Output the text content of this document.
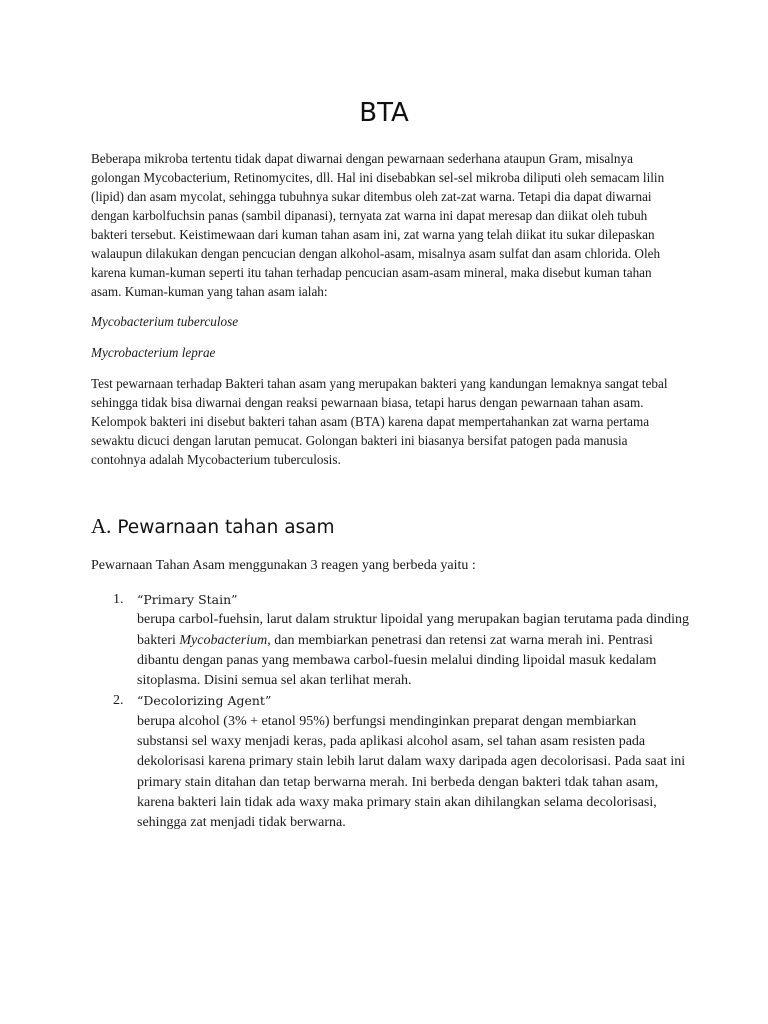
BTA

Beberapa mikroba tertentu tidak dapat diwarnai dengan pewarnaan sederhana ataupun Gram, misalnya golongan Mycobacterium, Retinomycites, dll. Hal ini disebabkan sel-sel mikroba diliputi oleh semacam lilin (lipid) dan asam mycolat, sehingga tubuhnya sukar ditembus oleh zat-zat warna. Tetapi dia dapat diwarnai dengan karbolfuchsin panas (sambil dipanasi), ternyata zat warna ini dapat meresap dan diikat oleh tubuh bakteri tersebut. Keistimewaan dari kuman tahan asam ini, zat warna yang telah diikat itu sukar dilepaskan walaupun dilakukan dengan pencucian dengan alkohol-asam, misalnya asam sulfat dan asam chlorida. Oleh karena kuman-kuman seperti itu tahan terhadap pencucian asam-asam mineral, maka disebut kuman tahan asam. Kuman-kuman yang tahan asam ialah:

Mycobacterium tuberculose

Mycrobacterium leprae

Test pewarnaan terhadap Bakteri tahan asam yang merupakan bakteri yang kandungan lemaknya sangat tebal sehingga tidak bisa diwarnai dengan reaksi pewarnaan biasa, tetapi harus dengan pewarnaan tahan asam. Kelompok bakteri ini disebut bakteri tahan asam (BTA) karena dapat mempertahankan zat warna pertama sewaktu dicuci dengan larutan pemucat. Golongan bakteri ini biasanya bersifat patogen pada manusia contohnya adalah Mycobacterium tuberculosis.

A. Pewarnaan tahan asam
Pewarnaan Tahan Asam menggunakan 3 reagen yang berbeda yaitu :
1. “Primary Stain”
berupa carbol-fuehsin, larut dalam struktur lipoidal yang merupakan bagian terutama pada dinding bakteri Mycobacterium, dan membiarkan penetrasi dan retensi zat warna merah ini. Pentrasi dibantu dengan panas yang membawa carbol-fuesin melalui dinding lipoidal masuk kedalam sitoplasma. Disini semua sel akan terlihat merah.
2. “Decolorizing Agent”
berupa alcohol (3% + etanol 95%) berfungsi mendinginkan preparat dengan membiarkan substansi sel waxy menjadi keras, pada aplikasi alcohol asam, sel tahan asam resisten pada dekolorisasi karena primary stain lebih larut dalam waxy daripada agen decolorisasi. Pada saat ini primary stain ditahan dan tetap berwarna merah. Ini berbeda dengan bakteri tdak tahan asam, karena bakteri lain tidak ada waxy maka primary stain akan dihilangkan selama decolorisasi, sehingga zat menjadi tidak berwarna.
